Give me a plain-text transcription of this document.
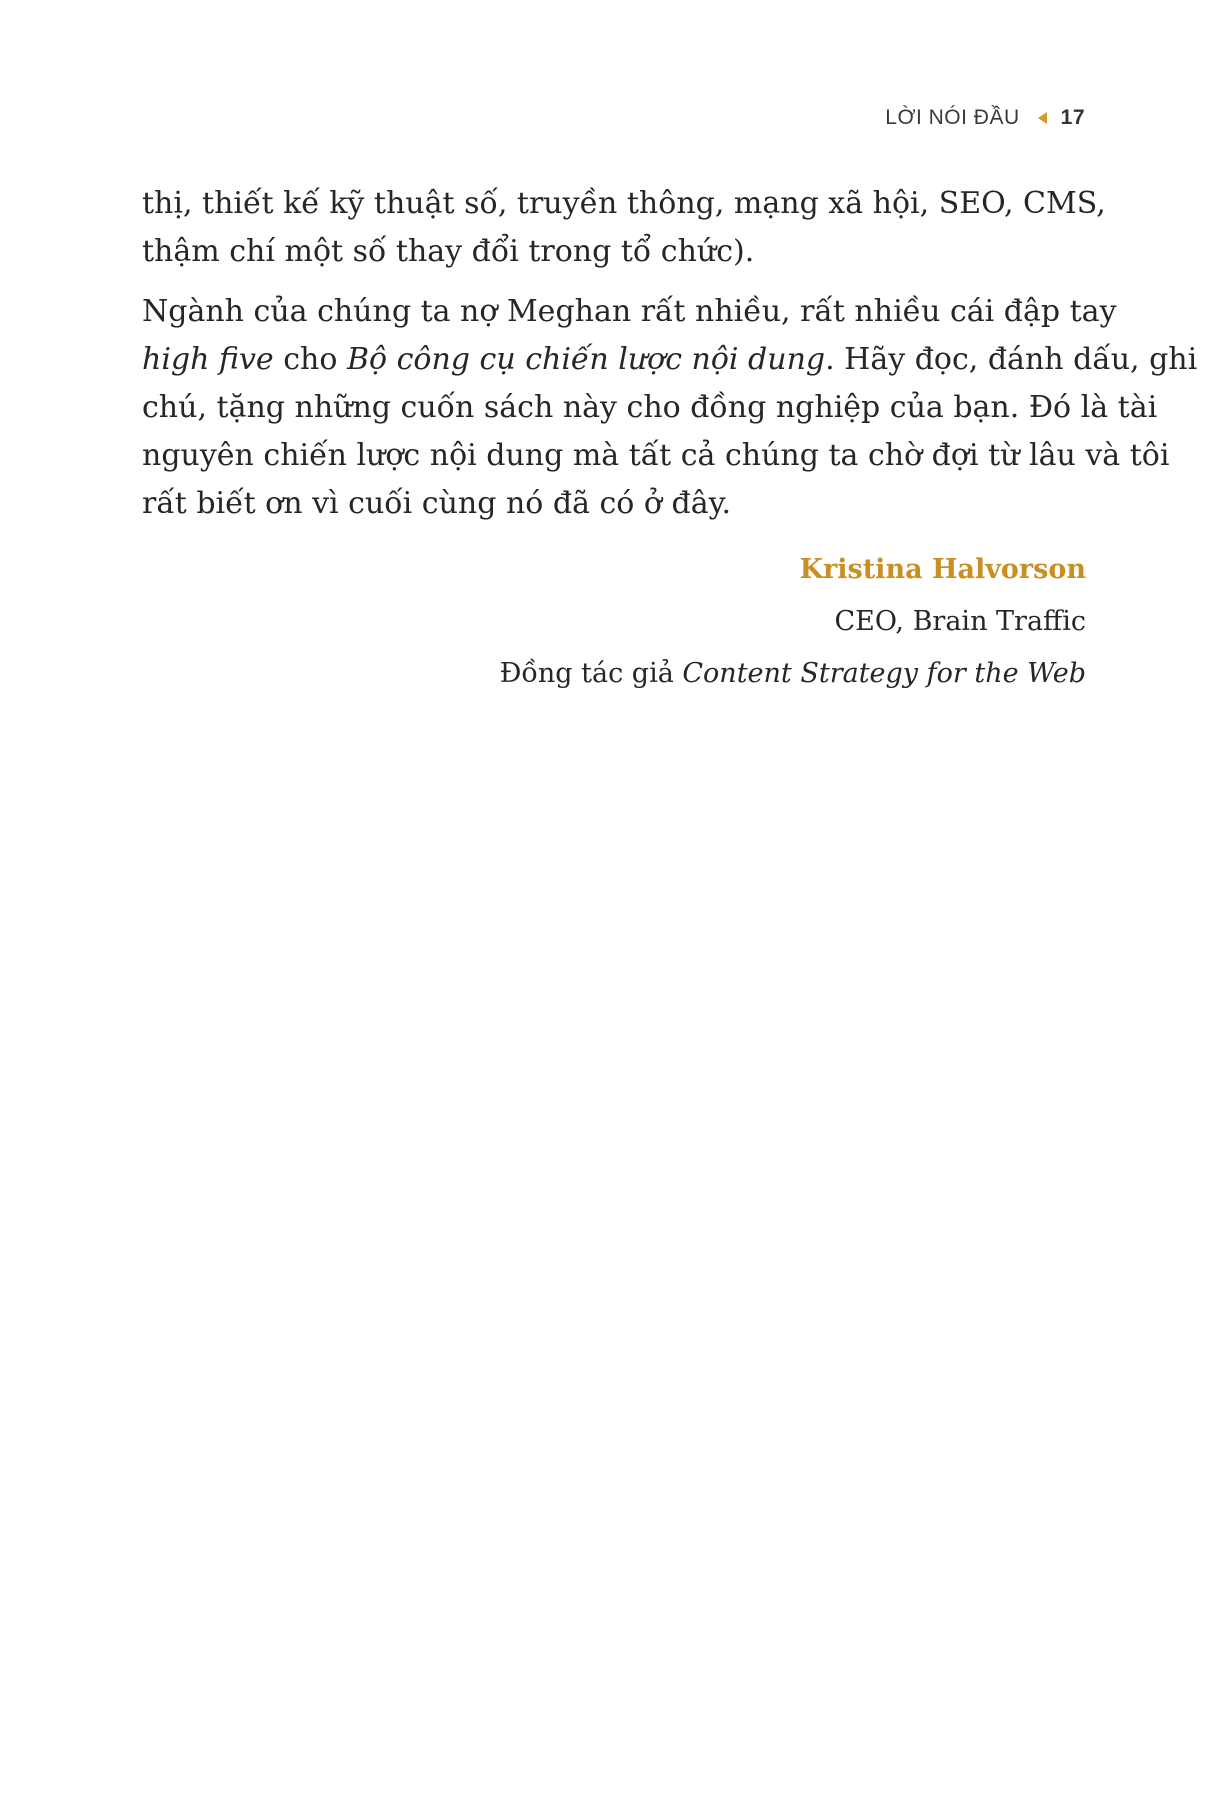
LỜI NÓI ĐẦU 17

thị, thiết kế kỹ thuật số, truyền thông, mạng xã hội, SEO, CMS,
thậm chí một số thay đổi trong tổ chức).

Ngành của chúng ta nợ Meghan rất nhiều, rất nhiều cái đập tay
high five cho Bộ công cụ chiến lược nội dung. Hãy đọc, đánh dấu, ghi
chú, tặng những cuốn sách này cho đồng nghiệp của bạn. Đó là tài
nguyên chiến lược nội dung mà tất cả chúng ta chờ đợi từ lâu và tôi
rất biết ơn vì cuối cùng nó đã có ở đây.

Kristina Halvorson
CEO, Brain Traffic
Đồng tác giả Content Strategy for the Web
